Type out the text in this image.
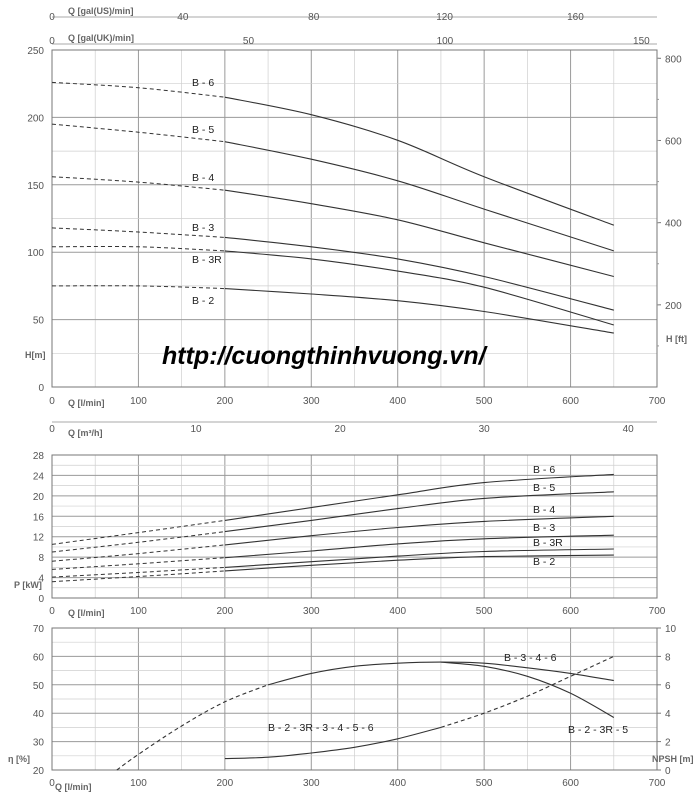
0	40	80	120	160
0	50	100	150
Q [gal(US)/min]
Q [gal(UK)/min]
0
50
100
150
200
250
200
400
600
800
H[m]
H [ft]
0	100	200	300	400	500	600	700
Q [l/min]
0	10	20	30	40
Q [m³/h]
B - 6
B - 5
B - 4
B - 3
B - 3R
B - 2
http://cuongthinhvuong.vn/
0
4
8
12
16
20
24
28
P [kW]
0	100	200	300	400	500	600	700
Q [l/min]
B - 6
B - 5
B - 4
B - 3
B - 3R
B - 2
20
30
40
50
60
70
0
2
4
6
8
10
η [%]	NPSH [m]
0	100	200	300	400	500	600	700
Q [l/min]
B - 3 - 4 - 6
B - 2 - 3R - 5
B - 2 - 3R - 3 - 4 - 5 - 6
